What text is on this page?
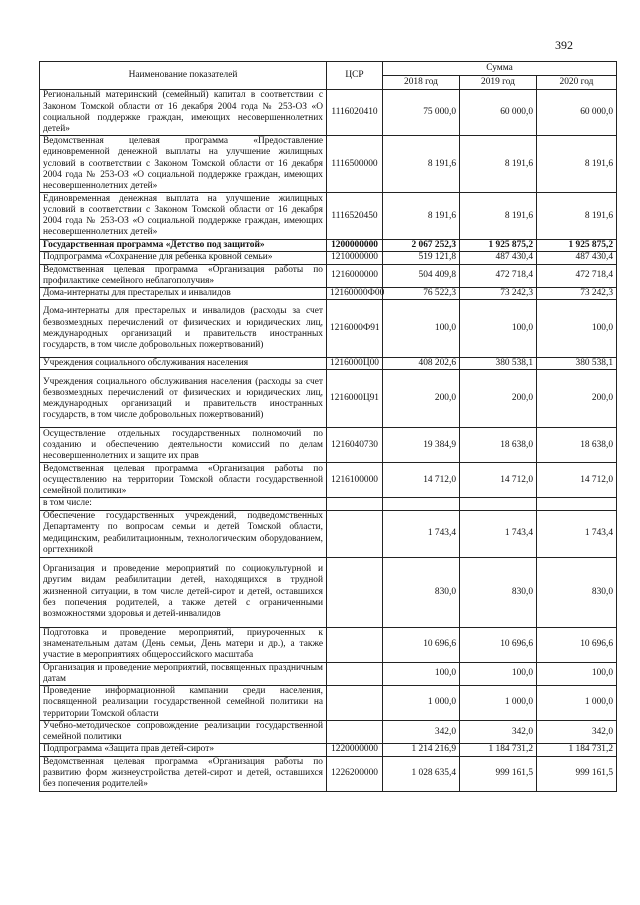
392
Наименование показателей	ЦСР	Сумма		
		2018 год	2019 год	2020 год
Региональный материнский (семейный) капитал в соответствии с Законом Томской области от 16 декабря 2004 года № 253-ОЗ «О социальной поддержке граждан, имеющих несовершеннолетних детей»	1116020410	75 000,0	60 000,0	60 000,0
Ведомственная целевая программа «Предоставление единовременной денежной выплаты на улучшение жилищных условий в соответствии с Законом Томской области от 16 декабря 2004 года № 253-ОЗ «О социальной поддержке граждан, имеющих несовершеннолетних детей»	1116500000	8 191,6	8 191,6	8 191,6
Единовременная денежная выплата на улучшение жилищных условий в соответствии с Законом Томской области от 16 декабря 2004 года № 253-ОЗ «О социальной поддержке граждан, имеющих несовершеннолетних детей»	1116520450	8 191,6	8 191,6	8 191,6
Государственная программа «Детство под защитой»	1200000000	2 067 252,3	1 925 875,2	1 925 875,2
Подпрограмма «Сохранение для ребенка кровной семьи»	1210000000	519 121,8	487 430,4	487 430,4
Ведомственная целевая программа «Организация работы по профилактике семейного неблагополучия»	1216000000	504 409,8	472 718,4	472 718,4
Дома-интернаты для престарелых и инвалидов	12160000Ф00	76 522,3	73 242,3	73 242,3
Дома-интернаты для престарелых и инвалидов (расходы за счет безвозмездных перечислений от физических и юридических лиц, международных организаций и правительств иностранных государств, в том числе добровольных пожертвований)	1216000Ф91	100,0	100,0	100,0
Учреждения социального обслуживания населения	1216000Ц00	408 202,6	380 538,1	380 538,1
Учреждения социального обслуживания населения (расходы за счет безвозмездных перечислений от физических и юридических лиц, международных организаций и правительств иностранных государств, в том числе добровольных пожертвований)	1216000Ц91	200,0	200,0	200,0
Осуществление отдельных государственных полномочий по созданию и обеспечению деятельности комиссий по делам несовершеннолетних и защите их прав	1216040730	19 384,9	18 638,0	18 638,0
Ведомственная целевая программа «Организация работы по осуществлению на территории Томской области государственной семейной политики»	1216100000	14 712,0	14 712,0	14 712,0
в том числе:				
Обеспечение государственных учреждений, подведомственных Департаменту по вопросам семьи и детей Томской области, медицинским, реабилитационным, технологическим оборудованием, оргтехникой		1 743,4	1 743,4	1 743,4
Организация и проведение мероприятий по социокультурной и другим видам реабилитации детей, находящихся в трудной жизненной ситуации, в том числе детей-сирот и детей, оставшихся без попечения родителей, а также детей с ограниченными возможностями здоровья и детей-инвалидов		830,0	830,0	830,0
Подготовка и проведение мероприятий, приуроченных к знаменательным датам (День семьи, День матери и др.), а также участие в мероприятиях общероссийского масштаба		10 696,6	10 696,6	10 696,6
Организация и проведение мероприятий, посвященных праздничным датам		100,0	100,0	100,0
Проведение информационной кампании среди населения, посвященной реализации государственной семейной политики на территории Томской области		1 000,0	1 000,0	1 000,0
Учебно-методическое сопровождение реализации государственной семейной политики		342,0	342,0	342,0
Подпрограмма «Защита прав детей-сирот»	1220000000	1 214 216,9	1 184 731,2	1 184 731,2
Ведомственная целевая программа «Организация работы по развитию форм жизнеустройства детей-сирот и детей, оставшихся без попечения родителей»	1226200000	1 028 635,4	999 161,5	999 161,5
